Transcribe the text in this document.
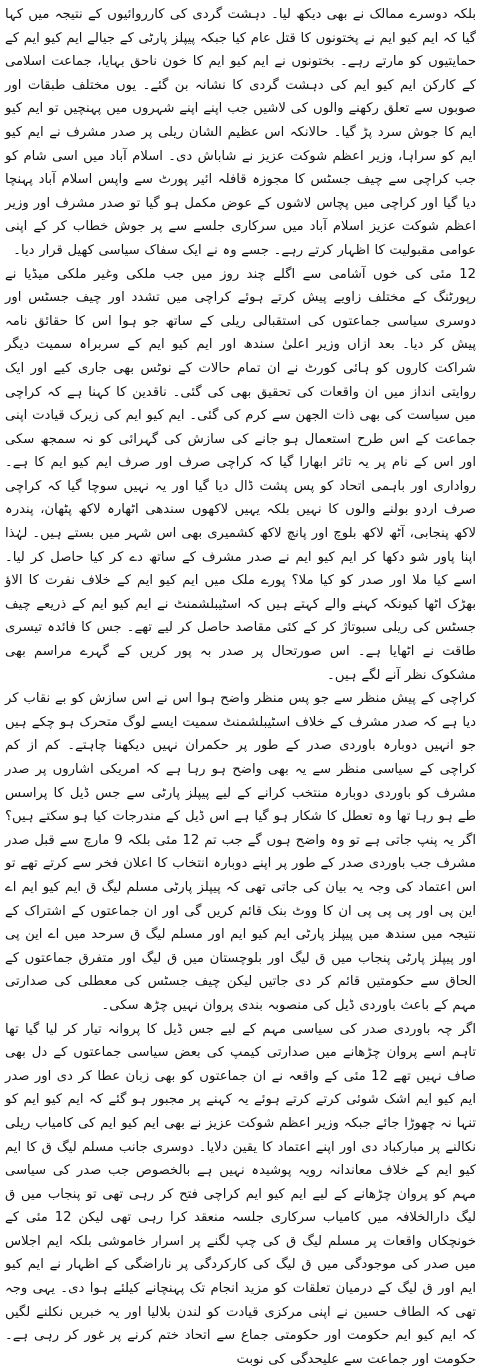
بلکہ دوسرے ممالک نے بھی دیکھ لیا۔ دہشت گردی کی کارروائیوں کے نتیجہ میں کہا گیا کہ ایم کیو ایم نے پختونوں کا قتل عام کیا جبکہ پیپلز پارٹی کے جیالے ایم کیو ایم کے حمایتیوں کو مارتے رہے۔ بختونوں نے ایم کیو ایم کا خون ناحق بہایا، جماعت اسلامی کے کارکن ایم کیو ایم کی دہشت گردی کا نشانہ بن گئے۔ یوں مختلف طبقات اور صوبوں سے تعلق رکھنے والوں کی لاشیں جب اپنے اپنے شہروں میں پہنچیں تو ایم کیو ایم کا جوش سرد پڑ گیا۔ حالانکہ اس عظیم الشان ریلی پر صدر مشرف نے ایم کیو ایم کو سراہا، وزیر اعظم شوکت عزیز نے شاباش دی۔ اسلام آباد میں اسی شام کو جب کراچی سے چیف جسٹس کا مجوزہ قافلہ ائیر پورٹ سے واپس اسلام آباد پہنچا دیا گیا اور کراچی میں پچاس لاشوں کے عوض مکمل ہو گیا تو صدر مشرف اور وزیر اعظم شوکت عزیز اسلام آباد میں سرکاری جلسے سے پر جوش خطاب کر کے اپنی عوامی مقبولیت کا اظہار کرتے رہے۔ جسے وہ نے ایک سفاک سیاسی کھیل قرار دیا۔

12 مئی کی خوں آشامی سے اگلے چند روز میں جب ملکی وغیر ملکی میڈیا نے رپورٹنگ کے مختلف زاویے پیش کرتے ہوئے کراچی میں تشدد اور چیف جسٹس اور دوسری سیاسی جماعتوں کی استقبالی ریلی کے ساتھ جو ہوا اس کا حقائق نامہ پیش کر دیا۔ بعد ازاں وزیر اعلیٰ سندھ اور ایم کیو ایم کے سربراہ سمیت دیگر شراکت کاروں کو ہائی کورٹ نے ان تمام حالات کے نوٹس بھی جاری کیے اور ایک روایتی انداز میں ان واقعات کی تحقیق بھی کی گئی۔ ناقدین کا کہنا ہے کہ کراچی میں سیاست کی بھی ذات الجھن سے کرم کی گئی۔ ایم کیو ایم کی زیرک قیادت اپنی جماعت کے اس طرح استعمال ہو جانے کی سازش کی گہرائی کو نہ سمجھ سکی اور اس کے نام پر یہ تاثر ابھارا گیا کہ کراچی صرف اور صرف ایم کیو ایم کا ہے۔ رواداری اور باہمی اتحاد کو پس پشت ڈال دیا گیا اور یہ نہیں سوچا گیا کہ کراچی صرف اردو بولنے والوں کا نہیں بلکہ یہیں لاکھوں سندھی اٹھارہ لاکھ پٹھان، پندرہ لاکھ پنجابی، آٹھ لاکھ بلوچ اور پانچ لاکھ کشمیری بھی اس شہر میں بستے ہیں۔ لہٰذا اپنا پاور شو دکھا کر ایم کیو ایم نے صدر مشرف کے ساتھ دے کر کیا حاصل کر لیا۔ اسے کیا ملا اور صدر کو کیا ملا؟ پورے ملک میں ایم کیو ایم کے خلاف نفرت کا الاؤ بھڑک اٹھا کیونکہ کہنے والے کہتے ہیں کہ اسٹیبلشمنٹ نے ایم کیو ایم کے ذریعے چیف جسٹس کی ریلی سبوتاژ کر کے کئی مقاصد حاصل کر لیے تھے۔ جس کا فائدہ تیسری طاقت نے اٹھایا ہے۔ اس صورتحال پر صدر بہ پور کریں کے گہرے مراسم بھی مشکوک نظر آنے لگے ہیں۔

کراچی کے پیش منظر سے جو پس منظر واضح ہوا اس نے اس سازش کو بے نقاب کر دیا ہے کہ صدر مشرف کے خلاف اسٹیبلشمنٹ سمیت ایسے لوگ متحرک ہو چکے ہیں جو انہیں دوبارہ باوردی صدر کے طور پر حکمران نہیں دیکھنا چاہتے۔ کم از کم کراچی کے سیاسی منظر سے یہ بھی واضح ہو رہا ہے کہ امریکی اشاروں پر صدر مشرف کو باوردی دوبارہ منتخب کرانے کے لیے پیپلز پارٹی سے جس ڈیل کا پراسس طے ہو رہا تھا وہ تعطل کا شکار ہو گیا ہے اس ڈیل کے مندرجات کیا ہو سکتے ہیں؟ اگر یہ پنپ جاتی ہے تو وہ واضح ہوں گے جب تم 12 مئی بلکہ 9 مارچ سے قبل صدر مشرف جب باوردی صدر کے طور پر اپنے دوبارہ انتخاب کا اعلان فخر سے کرتے تھے تو اس اعتماد کی وجہ یہ بیان کی جاتی تھی کہ پیپلز پارٹی مسلم لیگ ق ایم کیو ایم اے این پی اور پی پی پی ان کا ووٹ بنک قائم کریں گی اور ان جماعتوں کے اشتراک کے نتیجہ میں سندھ میں پیپلز پارٹی ایم کیو ایم اور مسلم لیگ ق سرحد میں اے این پی اور پیپلز پارٹی پنجاب میں ق لیگ اور بلوچستان میں ق لیگ اور متفرق جماعتوں کے الحاق سے حکومتیں قائم کر دی جاتیں لیکن چیف جسٹس کی معطلی کی صدارتی مہم کے باعث باوردی ڈیل کی منصوبہ بندی پروان نہیں چڑھ سکی۔

اگر چہ باوردی صدر کی سیاسی مہم کے لیے جس ڈیل کا پروانہ تیار کر لیا گیا تھا تاہم اسے پروان چڑھانے میں صدارتی کیمپ کی بعض سیاسی جماعتوں کے دل بھی صاف نہیں تھے 12 مئی کے واقعہ نے ان جماعتوں کو بھی زبان عطا کر دی اور صدر ایم کیو ایم اشک شوئی کرتے کرتے ہوئے یہ کہنے پر مجبور ہو گئے کہ ایم کیو ایم کو تنہا نہ چھوڑا جائے جبکہ وزیر اعظم شوکت عزیز نے بھی ایم کیو ایم کی کامیاب ریلی نکالنے پر مبارکباد دی اور اپنے اعتماد کا یقین دلایا۔ دوسری جانب مسلم لیگ ق کا ایم کیو ایم کے خلاف معاندانہ رویہ پوشیدہ نہیں ہے بالخصوص جب صدر کی سیاسی مہم کو پروان چڑھانے کے لیے ایم کیو ایم کراچی فتح کر رہی تھی تو پنجاب میں ق لیگ دارالخلافہ میں کامیاب سرکاری جلسہ منعقد کرا رہی تھی لیکن 12 مئی کے خونچکاں واقعات پر مسلم لیگ ق کی چپ لگنے پر اسرار خاموشی بلکہ ایم اجلاس میں صدر کی موجودگی میں ق لیگ کی کارکردگی پر ناراضگی کے اظہار نے ایم کیو ایم اور ق لیگ کے درمیان تعلقات کو مزید انجام تک پہنچانے کیلئے ہوا دی۔ یہی وجہ تھی کہ الطاف حسین نے اپنی مرکزی قیادت کو لندن بلالیا اور یہ خبریں نکلنے لگیں کہ ایم کیو ایم حکومت اور حکومتی جماع سے اتحاد ختم کرنے پر غور کر رہی ہے۔ حکومت اور جماعت سے علیحدگی کی نوبت
